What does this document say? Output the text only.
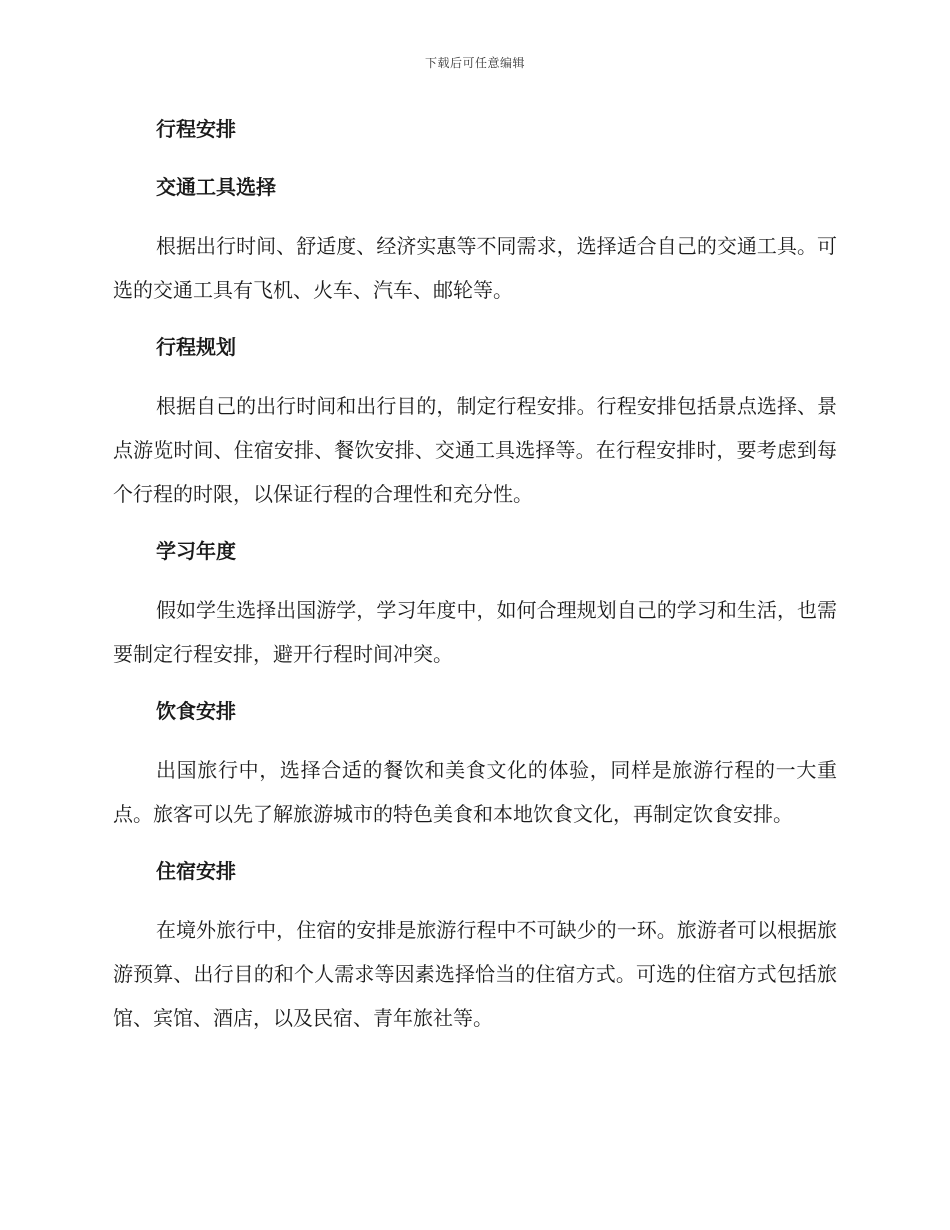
下载后可任意编辑
行程安排
交通工具选择

根据出行时间、舒适度、经济实惠等不同需求，选择适合自己的交通工具。可选的交通工具有飞机、火车、汽车、邮轮等。

行程规划

根据自己的出行时间和出行目的，制定行程安排。行程安排包括景点选择、景点游览时间、住宿安排、餐饮安排、交通工具选择等。在行程安排时，要考虑到每个行程的时限，以保证行程的合理性和充分性。

学习年度

假如学生选择出国游学，学习年度中，如何合理规划自己的学习和生活，也需要制定行程安排，避开行程时间冲突。

饮食安排

出国旅行中，选择合适的餐饮和美食文化的体验，同样是旅游行程的一大重点。旅客可以先了解旅游城市的特色美食和本地饮食文化，再制定饮食安排。

住宿安排

在境外旅行中，住宿的安排是旅游行程中不可缺少的一环。旅游者可以根据旅游预算、出行目的和个人需求等因素选择恰当的住宿方式。可选的住宿方式包括旅馆、宾馆、酒店，以及民宿、青年旅社等。
